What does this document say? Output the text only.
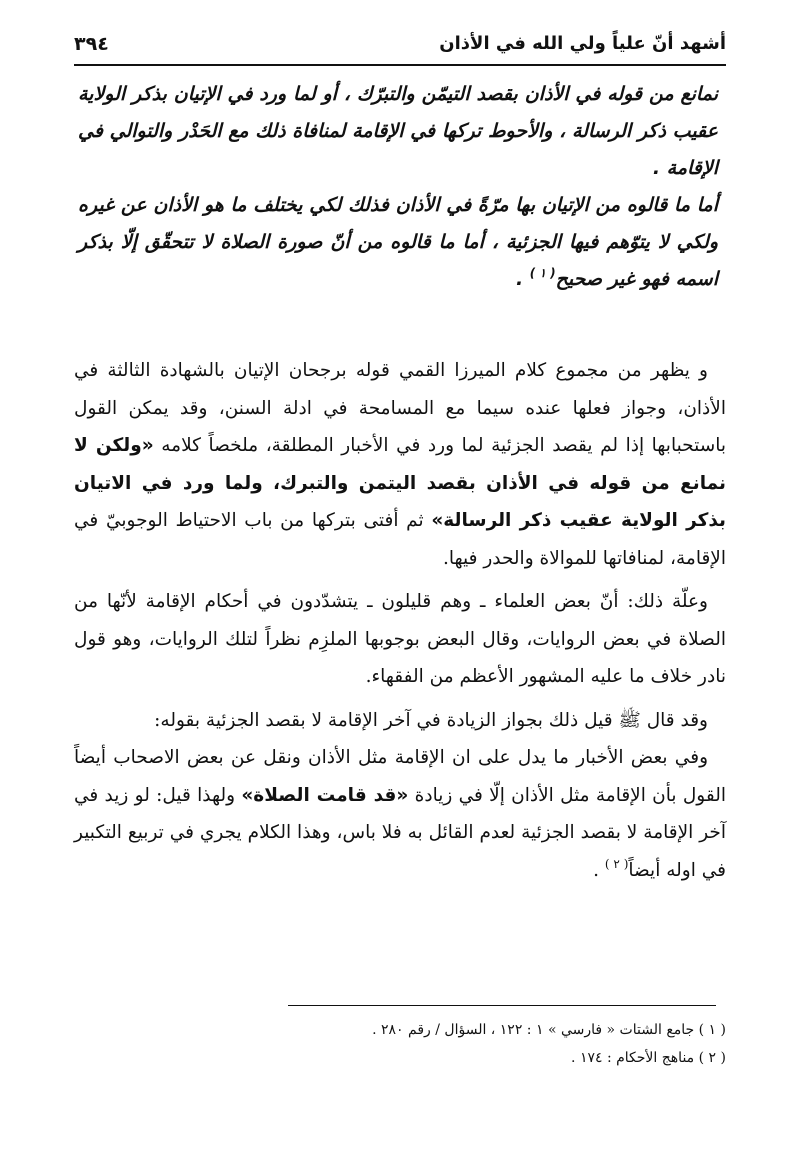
أشهد أنّ علياً ولي الله في الأذان
٣٩٤

نمانع من قوله في الأذان بقصد التيمّن والتبرّك ، أو لما ورد في الإتيان بذكر الولاية عقيب ذكر الرسالة ، والأحوط تركها في الإقامة لمنافاة ذلك مع الحَدْر والتوالي في الإقامة .

أما ما قالوه من الإتيان بها مرّةً في الأذان فذلك لكي يختلف ما هو الأذان عن غيره ولكي لا يتوّهم فيها الجزئية ، أما ما قالوه من أنّ صورة الصلاة لا تتحقّق إلّا بذكر اسمه فهو غير صحيح$^{( ١ )}$ .

و يظهر من مجموع كلام الميرزا القمي قوله برجحان الإتيان بالشهادة الثالثة في الأذان، وجواز فعلها عنده سيما مع المسامحة في ادلة السنن، وقد يمكن القول باستحبابها إذا لم يقصد الجزئية لما ورد في الأخبار المطلقة، ملخصاً كلامه «ولكن لا نمانع من قوله في الأذان بقصد اليتمن والتبرك، ولما ورد في الاتيان بذكر الولاية عقيب ذكر الرسالة» ثم أفتى بتركها من باب الاحتياط الوجوبيّ في الإقامة، لمنافاتها للموالاة والحدر فيها.

وعلّة ذلك: أنّ بعض العلماء ـ وهم قليلون ـ يتشدّدون في أحكام الإقامة لأنّها من الصلاة في بعض الروايات، وقال البعض بوجوبها الملزِم نظراً لتلك الروايات، وهو قول نادر خلاف ما عليه المشهور الأعظم من الفقهاء.

وقد قال ﷺ قيل ذلك بجواز الزيادة في آخر الإقامة لا بقصد الجزئية بقوله:

وفي بعض الأخبار ما يدل على ان الإقامة مثل الأذان ونقل عن بعض الاصحاب أيضاً القول بأن الإقامة مثل الأذان إلّا في زيادة «قد قامت الصلاة» ولهذا قيل: لو زيد في آخر الإقامة لا بقصد الجزئية لعدم القائل به فلا باس، وهذا الكلام يجري في تربيع التكبير في اوله أيضاً$^{( ٢ )}$ .

( ١ ) جامع الشتات « فارسي » ١ : ١٢٢ ، السؤال / رقم ٢٨٠ .

( ٢ ) مناهج الأحكام : ١٧٤ .
